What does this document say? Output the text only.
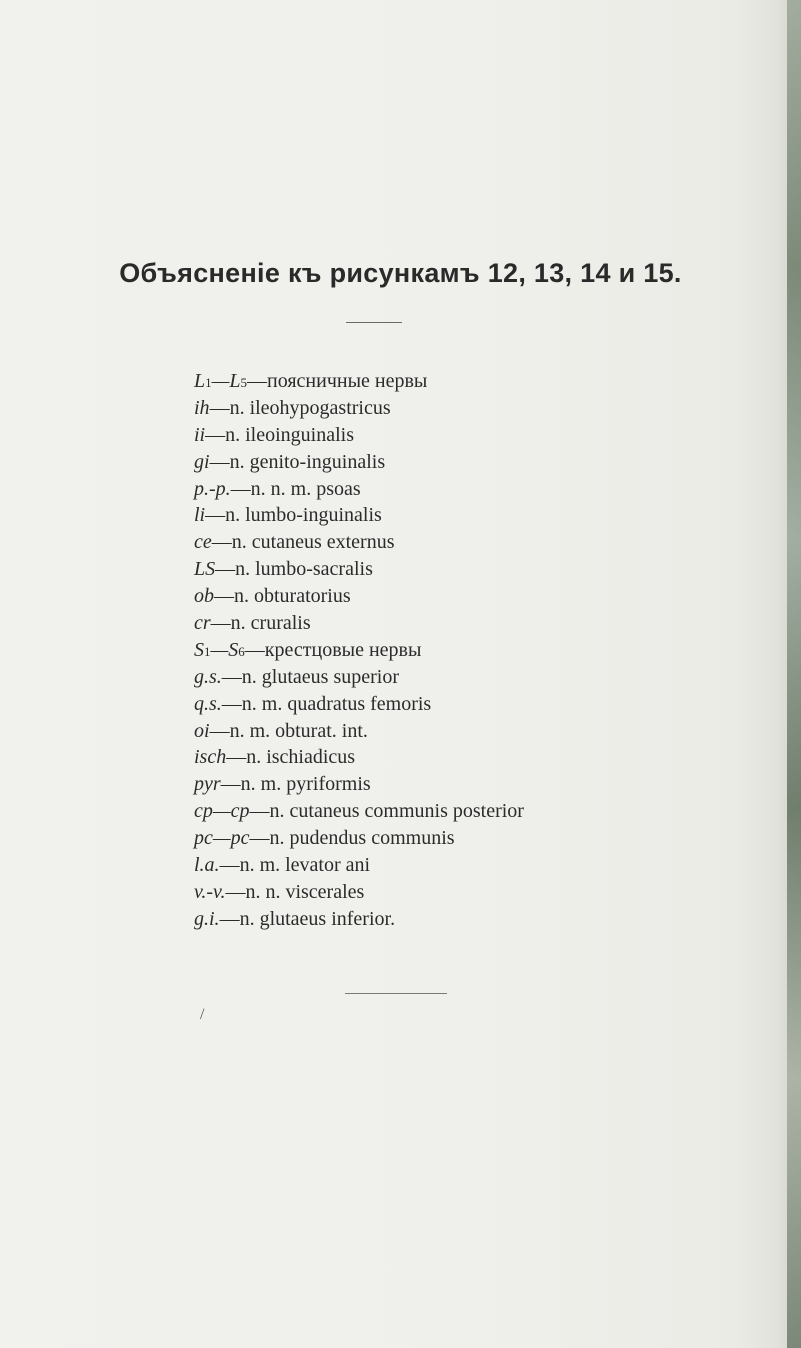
Объясненіе къ рисункамъ 12, 13, 14 и 15.
L1—L5—поясничные нервы
ih—n. ileohypogastricus
ii—n. ileoinguinalis
gi—n. genito-inguinalis
p.-p.—n. n. m. psoas
li—n. lumbo-inguinalis
ce—n. cutaneus externus
LS—n. lumbo-sacralis
ob—n. obturatorius
cr—n. cruralis
S1—S6—крестцовые нервы
g.s.—n. glutaeus superior
q.s.—n. m. quadratus femoris
oi—n. m. obturat. int.
isch—n. ischiadicus
pyr—n. m. pyriformis
cp—cp—n. cutaneus communis posterior
pc—pc—n. pudendus communis
l.a.—n. m. levator ani
v.-v.—n. n. viscerales
g.i.—n. glutaeus inferior.
/
